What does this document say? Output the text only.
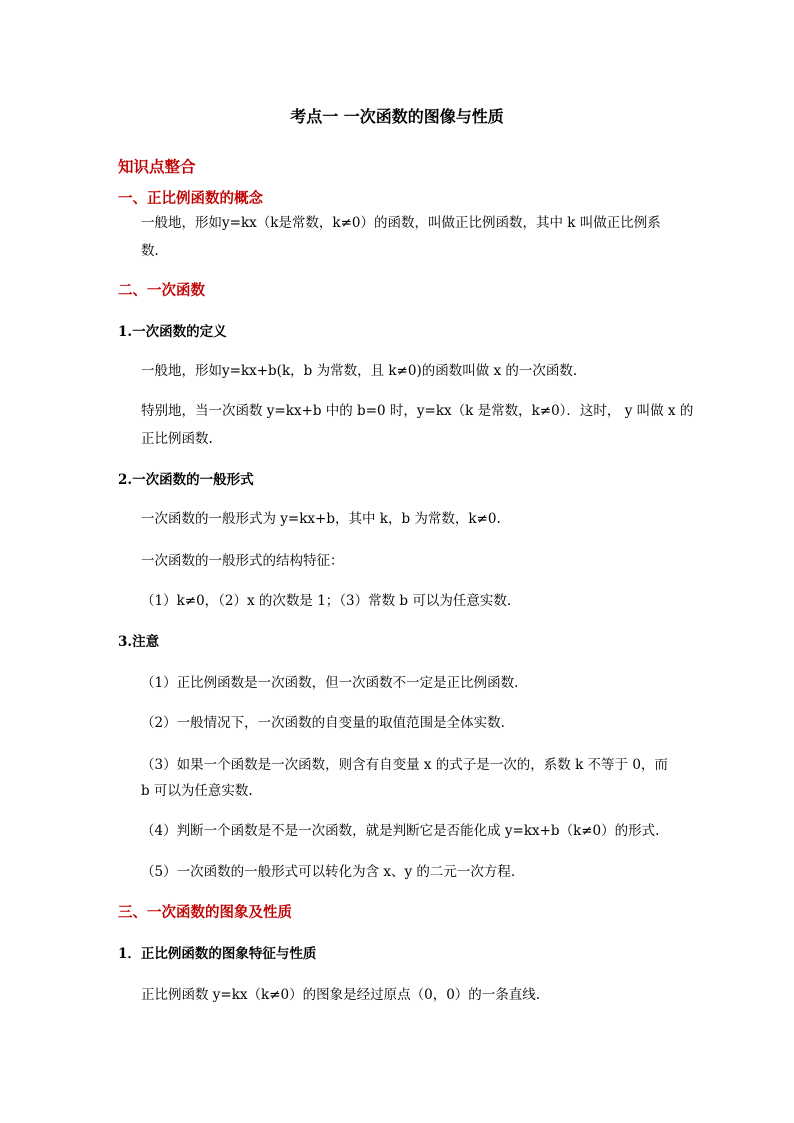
考点一 一次函数的图像与性质
知识点整合
一、正比例函数的概念
一般地，形如y=kx（k是常数，k≠0）的函数，叫做正比例函数，其中 k 叫做正比例系
数.
二、一次函数
1.一次函数的定义
一般地，形如y=kx+b(k，b 为常数，且 k≠0)的函数叫做 x 的一次函数.
特别地，当一次函数 y=kx+b 中的 b=0 时，y=kx（k 是常数，k≠0）．这时， y 叫做 x 的
正比例函数.
2.一次函数的一般形式
一次函数的一般形式为 y=kx+b，其中 k，b 为常数，k≠0.
一次函数的一般形式的结构特征：
（1）k≠0，（2）x 的次数是 1；（3）常数 b 可以为任意实数.
3.注意
（1）正比例函数是一次函数，但一次函数不一定是正比例函数.
（2）一般情况下，一次函数的自变量的取值范围是全体实数.
（3）如果一个函数是一次函数，则含有自变量 x 的式子是一次的，系数 k 不等于 0，而
b 可以为任意实数.
（4）判断一个函数是不是一次函数，就是判断它是否能化成 y=kx+b（k≠0）的形式.
（5）一次函数的一般形式可以转化为含 x、y 的二元一次方程.
三、一次函数的图象及性质
1．正比例函数的图象特征与性质
正比例函数 y=kx（k≠0）的图象是经过原点（0，0）的一条直线.
